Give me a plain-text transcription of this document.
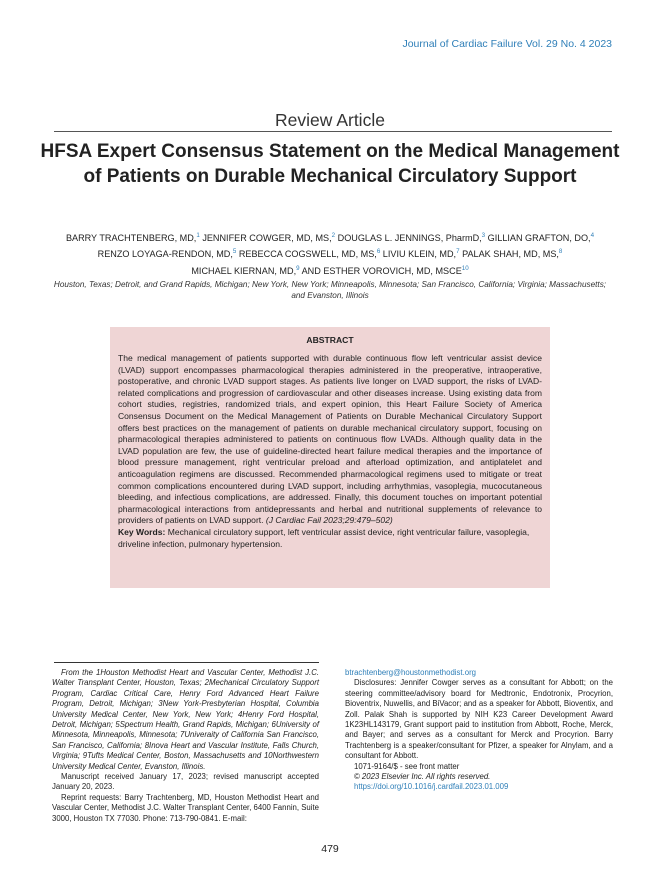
Journal of Cardiac Failure Vol. 29 No. 4 2023
Review Article
HFSA Expert Consensus Statement on the Medical Management of Patients on Durable Mechanical Circulatory Support
BARRY TRACHTENBERG, MD,$^1$ JENNIFER COWGER, MD, MS,$^2$ DOUGLAS L. JENNINGS, PharmD,$^3$ GILLIAN GRAFTON, DO,$^4$
RENZO LOYAGA-RENDON, MD,$^5$ REBECCA COGSWELL, MD, MS,$^6$ LIVIU KLEIN, MD,$^7$ PALAK SHAH, MD, MS,$^8$
MICHAEL KIERNAN, MD,$^9$ AND ESTHER VOROVICH, MD, MSCE$^{10}$
Houston, Texas; Detroit, and Grand Rapids, Michigan; New York, New York; Minneapolis, Minnesota; San Francisco, California; Virginia; Massachusetts; and Evanston, Illinois
ABSTRACT
The medical management of patients supported with durable continuous flow left ventricular assist device (LVAD) support encompasses pharmacological therapies administered in the preoperative, intraoperative, postoperative, and chronic LVAD support stages. As patients live longer on LVAD support, the risks of LVAD-related complications and progression of cardiovascular and other diseases increase. Using existing data from cohort studies, registries, randomized trials, and expert opinion, this Heart Failure Society of America Consensus Document on the Medical Management of Patients on Durable Mechanical Circulatory Support offers best practices on the management of patients on durable mechanical circulatory support, focusing on pharmacological therapies administered to patients on continuous flow LVADs. Although quality data in the LVAD population are few, the use of guideline-directed heart failure medical therapies and the importance of blood pressure management, right ventricular preload and afterload optimization, and antiplatelet and anticoagulation regimens are discussed. Recommended pharmacological regimens used to mitigate or treat common complications encountered during LVAD support, including arrhythmias, vasoplegia, mucocutaneous bleeding, and infectious complications, are addressed. Finally, this document touches on important potential pharmacological interactions from antidepressants and herbal and nutritional supplements of relevance to providers of patients on LVAD support. (J Cardiac Fail 2023;29:479–502)
Key Words: Mechanical circulatory support, left ventricular assist device, right ventricular failure, vasoplegia, driveline infection, pulmonary hypertension.

From the 1Houston Methodist Heart and Vascular Center, Methodist J.C. Walter Transplant Center, Houston, Texas; 2Mechanical Circulatory Support Program, Cardiac Critical Care, Henry Ford Advanced Heart Failure Program, Detroit, Michigan; 3New York-Presbyterian Hospital, Columbia University Medical Center, New York, New York; 4Henry Ford Hospital, Detroit, Michigan; 5Spectrum Health, Grand Rapids, Michigan; 6University of Minnesota, Minneapolis, Minnesota; 7Univeraity of California San Francisco, San Francisco, California; 8Inova Heart and Vascular Institute, Falls Church, Virginia; 9Tufts Medical Center, Boston, Massachusetts and 10Northwestern University Medical Center, Evanston, Illinois.

Manuscript received January 17, 2023; revised manuscript accepted January 20, 2023.

Reprint requests: Barry Trachtenberg, MD, Houston Methodist Heart and Vascular Center, Methodist J.C. Walter Transplant Center, 6400 Fannin, Suite 3000, Houston TX 77030. Phone: 713-790-0841. E-mail:

btrachtenberg@houstonmethodist.org

Disclosures: Jennifer Cowger serves as a consultant for Abbott; on the steering committee/advisory board for Medtronic, Endotronix, Procyrion, Bioventrix, Nuwellis, and BiVacor; and as a speaker for Abbott, Bioventix, and Zoll. Palak Shah is supported by NIH K23 Career Development Award 1K23HL143179, Grant support paid to institution from Abbott, Roche, Merck, and Bayer; and serves as a consultant for Merck and Procyrion. Barry Trachtenberg is a speaker/consultant for Pfizer, a speaker for Alnylam, and a consultant for Abbott.

1071-9164/$ - see front matter

© 2023 Elsevier Inc. All rights reserved.

https://doi.org/10.1016/j.cardfail.2023.01.009

479
